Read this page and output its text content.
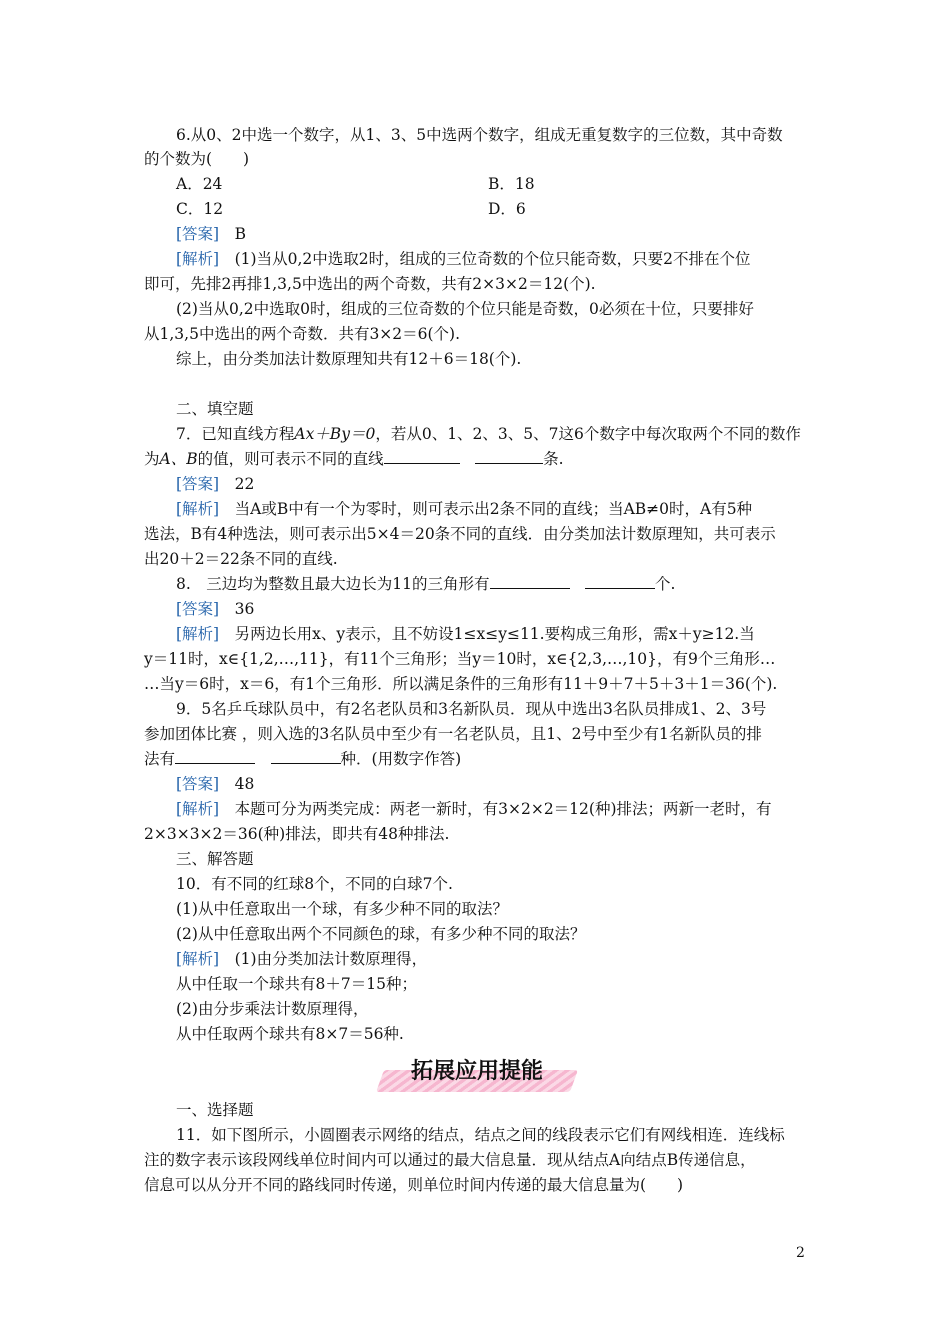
6.从0、2中选一个数字，从1、3、5中选两个数字，组成无重复数字的三位数，其中奇数
的个数为(　　)
A．24	B．18
C．12	D．6
[答案]　 B
[解析]　 (1)当从0,2中选取2时，组成的三位奇数的个位只能奇数，只要2不排在个位
即可，先排2再排1,3,5中选出的两个奇数，共有2×3×2＝12(个).
(2)当从0,2中选取0时，组成的三位奇数的个位只能是奇数，0必须在十位，只要排好
从1,3,5中选出的两个奇数．共有3×2＝6(个).
综上，由分类加法计数原理知共有12＋6＝18(个).
二、填空题
7．已知直线方程Ax＋By＝0，若从0、1、2、3、5、7这6个数字中每次取两个不同的数作
为A、B的值，则可表示不同的直线　	条.
[答案]　 22
[解析]　 当A或B中有一个为零时，则可表示出2条不同的直线；当AB≠0时，A有5种
选法，B有4种选法，则可表示出5×4＝20条不同的直线．由分类加法计数原理知，共可表示
出20＋2＝22条不同的直线.
8.　三边均为整数且最大边长为11的三角形有　	个.
[答案]　 36
[解析]　 另两边长用x、y表示，且不妨设1≤x≤y≤11.要构成三角形，需x＋y≥12.当
y＝11时，x∈{1,2,…,11}，有11个三角形；当y＝10时，x∈{2,3,…,10}，有9个三角形…
…当y＝6时，x＝6，有1个三角形．所以满足条件的三角形有11＋9＋7＋5＋3＋1＝36(个).
9．5名乒乓球队员中，有2名老队员和3名新队员．现从中选出3名队员排成1、2、3号
参加团体比赛 ，则入选的3名队员中至少有一名老队员，且1、2号中至少有1名新队员的排
法有　	种．(用数字作答)
[答案]　 48
[解析]　 本题可分为两类完成：两老一新时，有3×2×2＝12(种)排法；两新一老时，有
2×3×3×2＝36(种)排法，即共有48种排法.
三、解答题
10．有不同的红球8个，不同的白球7个.
(1)从中任意取出一个球，有多少种不同的取法？
(2)从中任意取出两个不同颜色的球，有多少种不同的取法？
[解析]　 (1)由分类加法计数原理得，
从中任取一个球共有8＋7＝15种；
(2)由分步乘法计数原理得，
从中任取两个球共有8×7＝56种.
拓展应用提能
一、选择题
11．如下图所示，小圆圈表示网络的结点，结点之间的线段表示它们有网线相连．连线标
注的数字表示该段网线单位时间内可以通过的最大信息量．现从结点A向结点B传递信息，
信息可以从分开不同的路线同时传递，则单位时间内传递的最大信息量为(　　)
2
